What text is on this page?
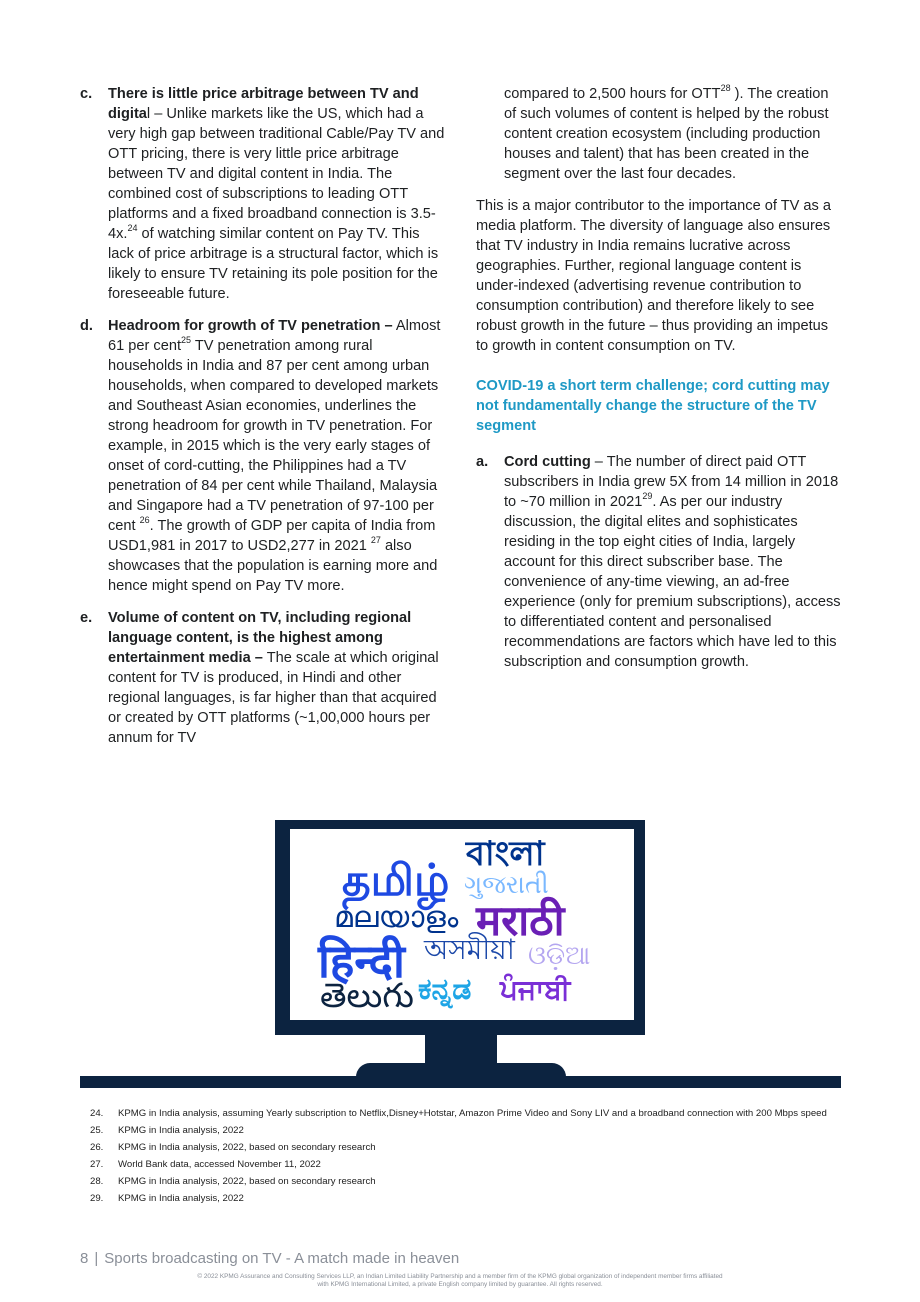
c. There is little price arbitrage between TV and digital – Unlike markets like the US, which had a very high gap between traditional Cable/Pay TV and OTT pricing, there is very little price arbitrage between TV and digital content in India. The combined cost of subscriptions to leading OTT platforms and a fixed broadband connection is 3.5-4x.$^{24}$ of watching similar content on Pay TV. This lack of price arbitrage is a structural factor, which is likely to ensure TV retaining its pole position for the foreseeable future.
d. Headroom for growth of TV penetration – Almost 61 per cent$^{25}$ TV penetration among rural households in India and 87 per cent among urban households, when compared to developed markets and Southeast Asian economies, underlines the strong headroom for growth in TV penetration. For example, in 2015 which is the very early stages of onset of cord-cutting, the Philippines had a TV penetration of 84 per cent while Thailand, Malaysia and Singapore had a TV penetration of 97-100 per cent $^{26}$. The growth of GDP per capita of India from USD1,981 in 2017 to USD2,277 in 2021 $^{27}$ also showcases that the population is earning more and hence might spend on Pay TV more.
e. Volume of content on TV, including regional language content, is the highest among entertainment media – The scale at which original content for TV is produced, in Hindi and other regional languages, is far higher than that acquired or created by OTT platforms (~1,00,000 hours per annum for TV
compared to 2,500 hours for OTT$^{28}$ ). The creation of such volumes of content is helped by the robust content creation ecosystem (including production houses and talent) that has been created in the segment over the last four decades.

This is a major contributor to the importance of TV as a media platform. The diversity of language also ensures that TV industry in India remains lucrative across geographies. Further, regional language content is under-indexed (advertising revenue contribution to consumption contribution) and therefore likely to see robust growth in the future – thus providing an impetus to growth in content consumption on TV.

COVID-19 a short term challenge; cord cutting may not fundamentally change the structure of the TV segment

a. Cord cutting – The number of direct paid OTT subscribers in India grew 5X from 14 million in 2018 to ~70 million in 2021$^{29}$. As per our industry discussion, the digital elites and sophisticates residing in the top eight cities of India, largely account for this direct subscriber base. The convenience of any-time viewing, an ad-free experience (only for premium subscriptions), access to differentiated content and personalised recommendations are factors which have led to this subscription and consumption growth.
தமிழ்
বাংলা
ગુજરાતી
മലയാളം मराठी
हिन्दी অসমীয়া ଓଡ଼ିଆ
తెలుగు ಕನ್ನಡ ਪੰਜਾਬੀ
24. KPMG in India analysis, assuming Yearly subscription to Netflix,Disney+Hotstar, Amazon Prime Video and Sony LIV and a broadband connection with 200 Mbps speed
25. KPMG in India analysis, 2022
26. KPMG in India analysis, 2022, based on secondary research
27. World Bank data, accessed November 11, 2022
28. KPMG in India analysis, 2022, based on secondary research
29. KPMG in India analysis, 2022
8 | Sports broadcasting on TV - A match made in heaven
© 2022 KPMG Assurance and Consulting Services LLP, an Indian Limited Liability Partnership and a member firm of the KPMG global organization of independent member firms affiliated
with KPMG International Limited, a private English company limited by guarantee. All rights reserved.
